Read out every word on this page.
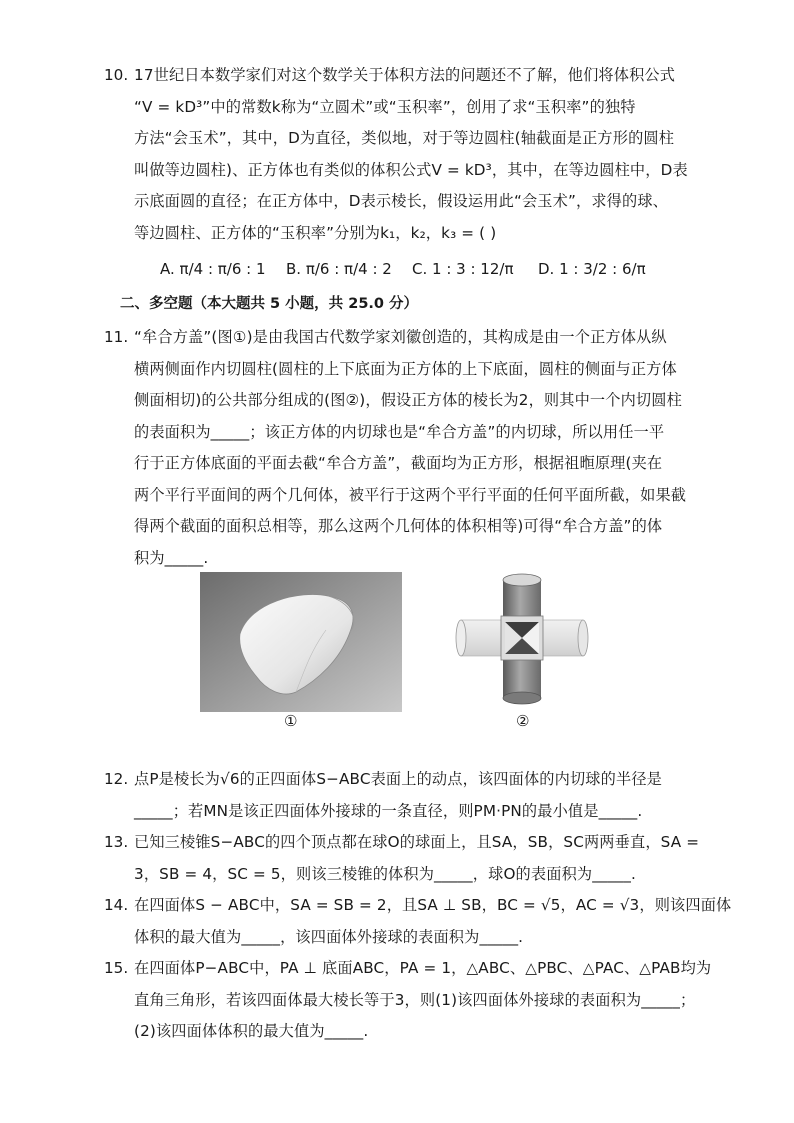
10. 17世纪日本数学家们对这个数学关于体积方法的问题还不了解，他们将体积公式
“V = kD³”中的常数k称为“立圆术”或“玉积率”，创用了求“玉积率”的独特
方法“会玉术”，其中，D为直径，类似地，对于等边圆柱(轴截面是正方形的圆柱
叫做等边圆柱)、正方体也有类似的体积公式V = kD³，其中，在等边圆柱中，D表
示底面圆的直径；在正方体中，D表示棱长，假设运用此“会玉术”，求得的球、
等边圆柱、正方体的“玉积率”分别为k₁，k₂，k₃ = ( )
A. π/4 : π/6 : 1 B. π/6 : π/4 : 2 C. 1 : 3 : 12/π D. 1 : 3/2 : 6/π
二、多空题（本大题共 5 小题，共 25.0 分）
11. “牟合方盖”(图①)是由我国古代数学家刘徽创造的，其构成是由一个正方体从纵
横两侧面作内切圆柱(圆柱的上下底面为正方体的上下底面，圆柱的侧面与正方体
侧面相切)的公共部分组成的(图②)，假设正方体的棱长为2，则其中一个内切圆柱
的表面积为_____；该正方体的内切球也是“牟合方盖”的内切球，所以用任一平
行于正方体底面的平面去截“牟合方盖”，截面均为正方形，根据祖暅原理(夹在
两个平行平面间的两个几何体，被平行于这两个平行平面的任何平面所截，如果截
得两个截面的面积总相等，那么这两个几何体的体积相等)可得“牟合方盖”的体
积为_____.
①	②
12. 点P是棱长为√6的正四面体S−ABC表面上的动点，该四面体的内切球的半径是
_____；若MN是该正四面体外接球的一条直径，则PM·PN的最小值是_____.
13. 已知三棱锥S−ABC的四个顶点都在球O的球面上，且SA，SB，SC两两垂直，SA =
3，SB = 4，SC = 5，则该三棱锥的体积为_____，球O的表面积为_____.
14. 在四面体S − ABC中，SA = SB = 2，且SA ⊥ SB，BC = √5，AC = √3，则该四面体
体积的最大值为_____，该四面体外接球的表面积为_____.
15. 在四面体P−ABC中，PA ⊥ 底面ABC，PA = 1，△ABC、△PBC、△PAC、△PAB均为
直角三角形，若该四面体最大棱长等于3，则(1)该四面体外接球的表面积为_____；
(2)该四面体体积的最大值为_____.
